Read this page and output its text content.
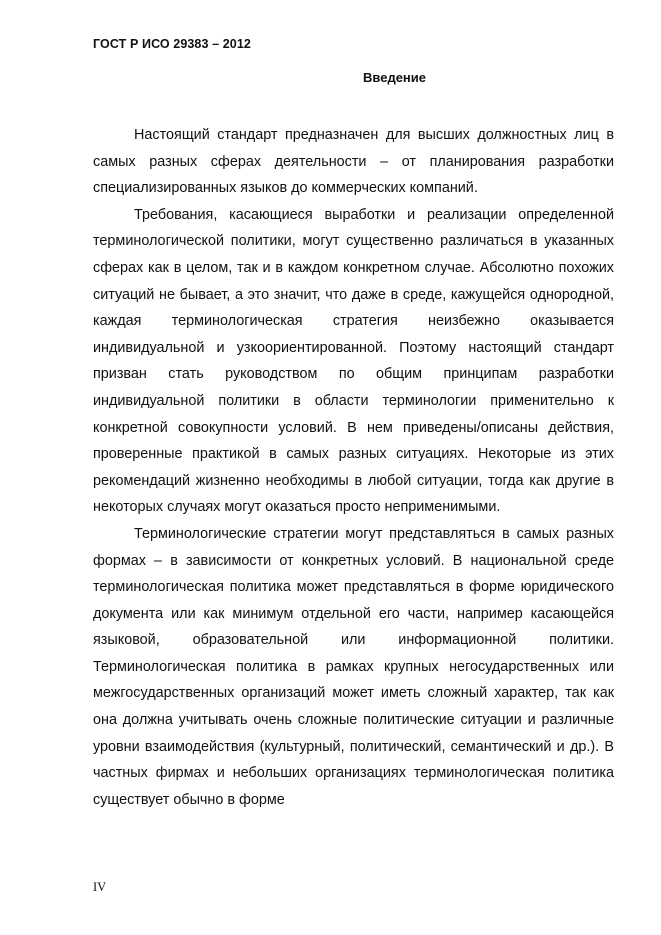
ГОСТ Р ИСО 29383 – 2012
Введение

Настоящий стандарт предназначен для высших должностных лиц в самых разных сферах деятельности – от планирования разработки специализированных языков до коммерческих компаний.

Требования, касающиеся выработки и реализации определенной терминологической политики, могут существенно различаться в указанных сферах как в целом, так и в каждом конкретном случае. Абсолютно похожих ситуаций не бывает, а это значит, что даже в среде, кажущейся однородной, каждая терминологическая стратегия неизбежно оказывается индивидуальной и узкоориентированной. Поэтому настоящий стандарт призван стать руководством по общим принципам разработки индивидуальной политики в области терминологии применительно к конкретной совокупности условий. В нем приведены/описаны действия, проверенные практикой в самых разных ситуациях. Некоторые из этих рекомендаций жизненно необходимы в любой ситуации, тогда как другие в некоторых случаях могут оказаться просто неприменимыми.

Терминологические стратегии могут представляться в самых разных формах – в зависимости от конкретных условий. В национальной среде терминологическая политика может представляться в форме юридического документа или как минимум отдельной его части, например касающейся языковой, образовательной или информационной политики. Терминологическая политика в рамках крупных негосударственных или межгосударственных организаций может иметь сложный характер, так как она должна учитывать очень сложные политические ситуации и различные уровни взаимодействия (культурный, политический, семантический и др.). В частных фирмах и небольших организациях терминологическая политика существует обычно в форме

IV
